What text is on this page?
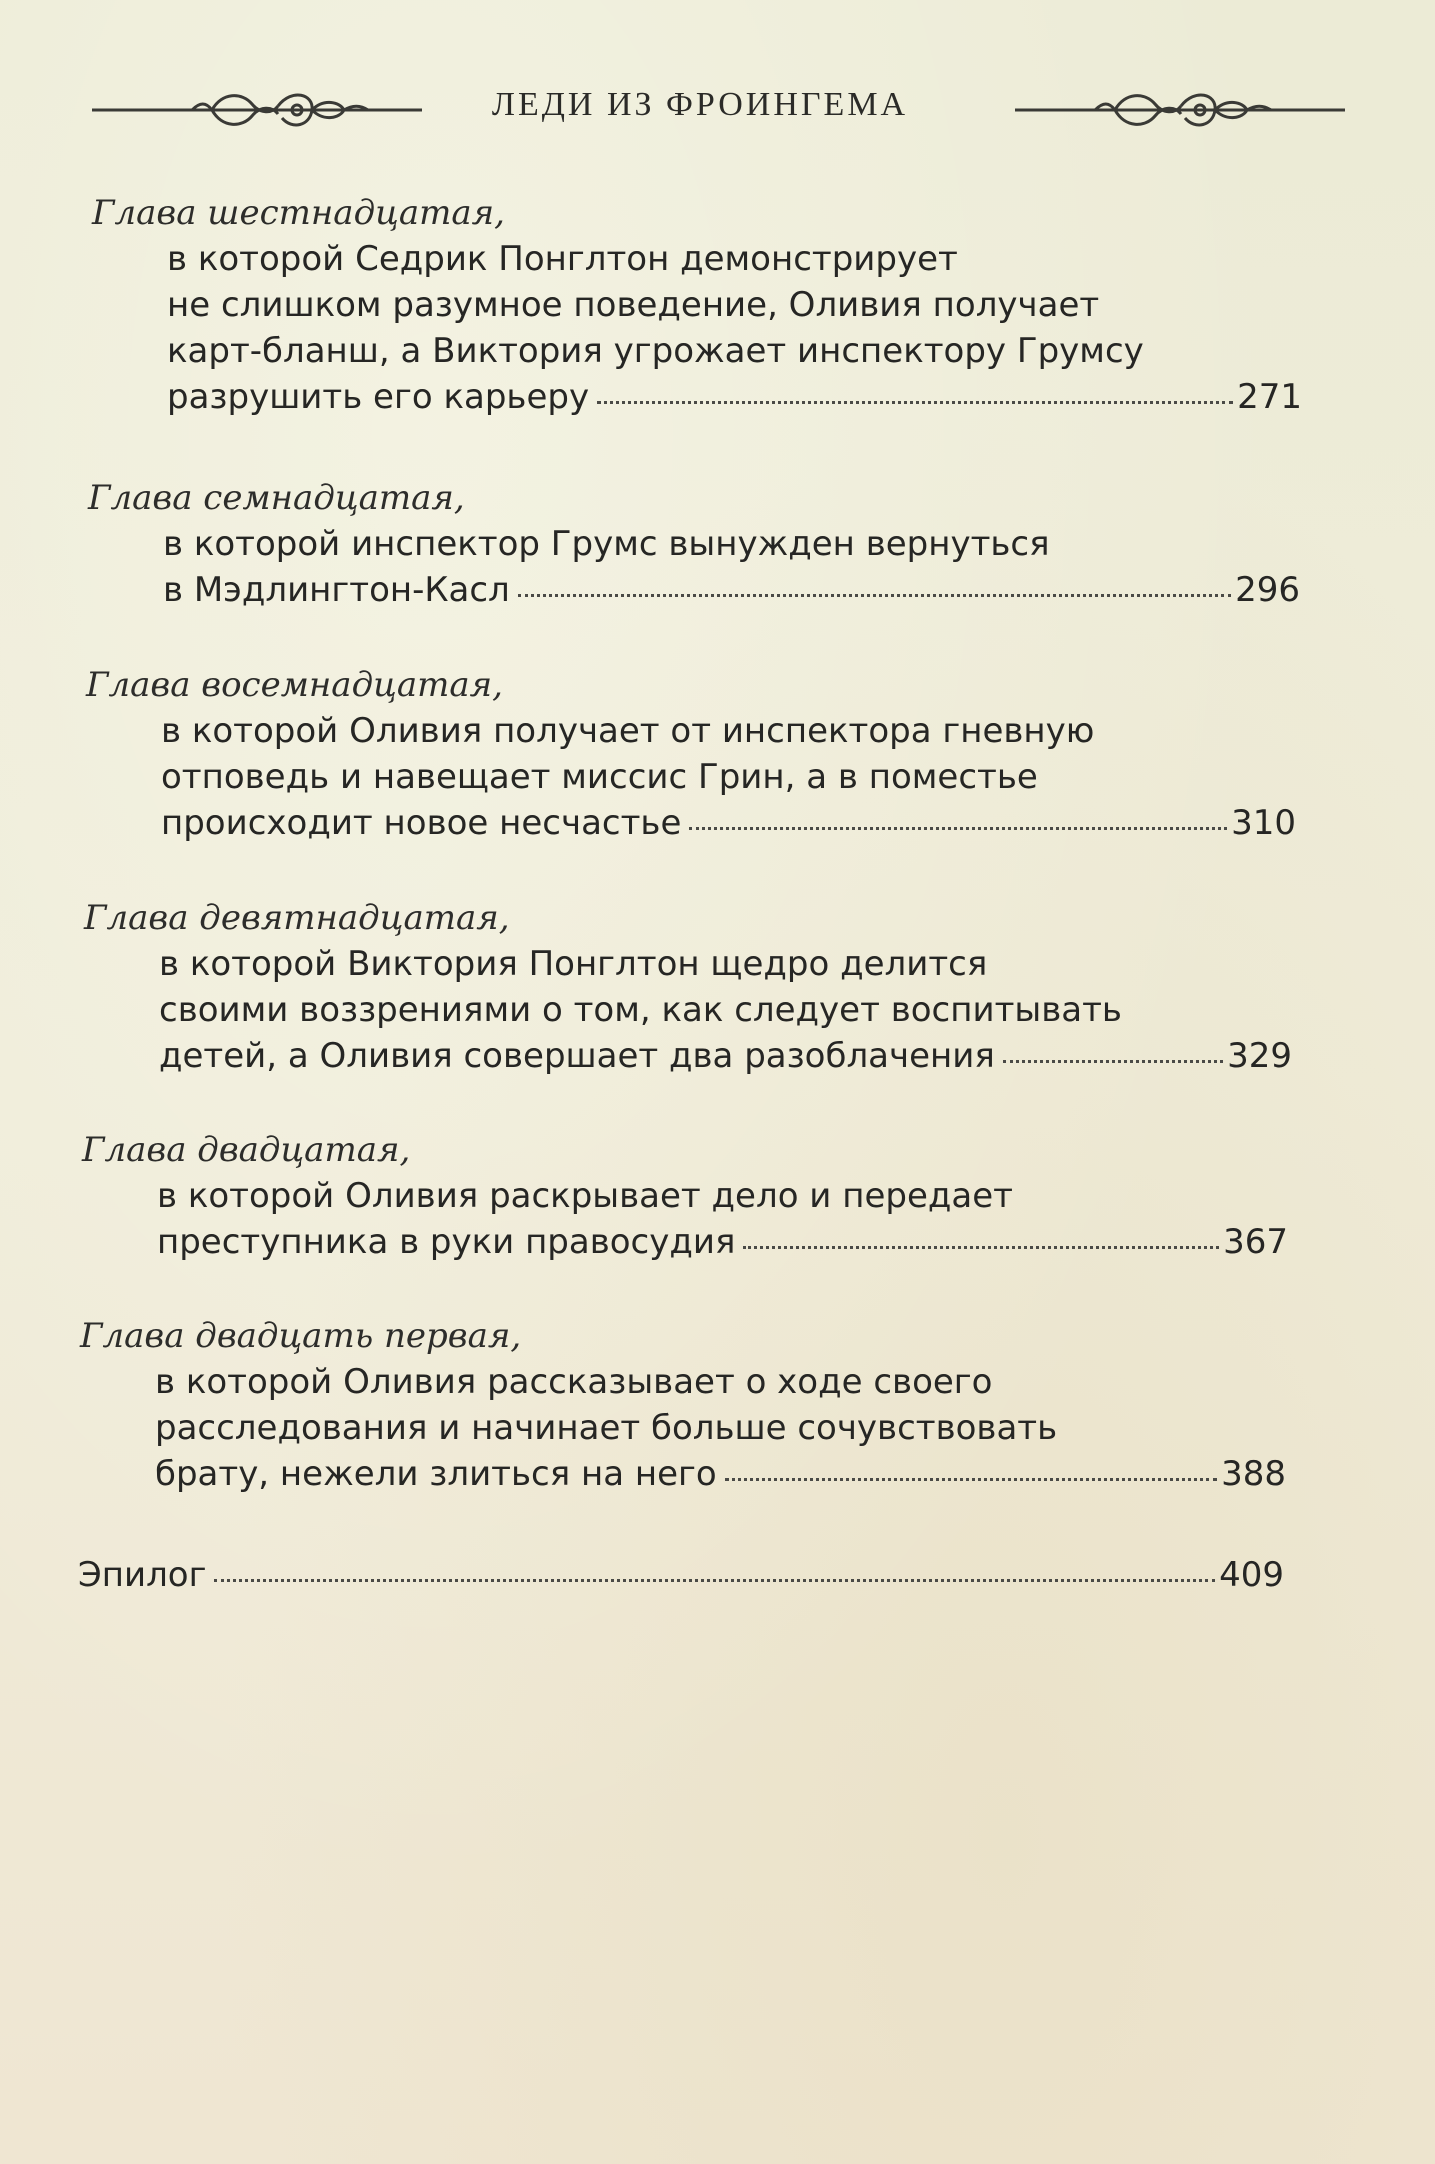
ЛЕДИ ИЗ ФРОИНГЕМА
Глава шестнадцатая,
в которой Седрик Понглтон демонстрирует
не слишком разумное поведение, Оливия получает
карт-бланш, а Виктория угрожает инспектору Грумсу
разрушить его карьеру	271
Глава семнадцатая,
в которой инспектор Грумс вынужден вернуться
в Мэдлингтон-Касл	296
Глава восемнадцатая,
в которой Оливия получает от инспектора гневную
отповедь и навещает миссис Грин, а в поместье
происходит новое несчастье	310
Глава девятнадцатая,
в которой Виктория Понглтон щедро делится
своими воззрениями о том, как следует воспитывать
детей, а Оливия совершает два разоблачения	329
Глава двадцатая,
в которой Оливия раскрывает дело и передает
преступника в руки правосудия	367
Глава двадцать первая,
в которой Оливия рассказывает о ходе своего
расследования и начинает больше сочувствовать
брату, нежели злиться на него	388
Эпилог	409
